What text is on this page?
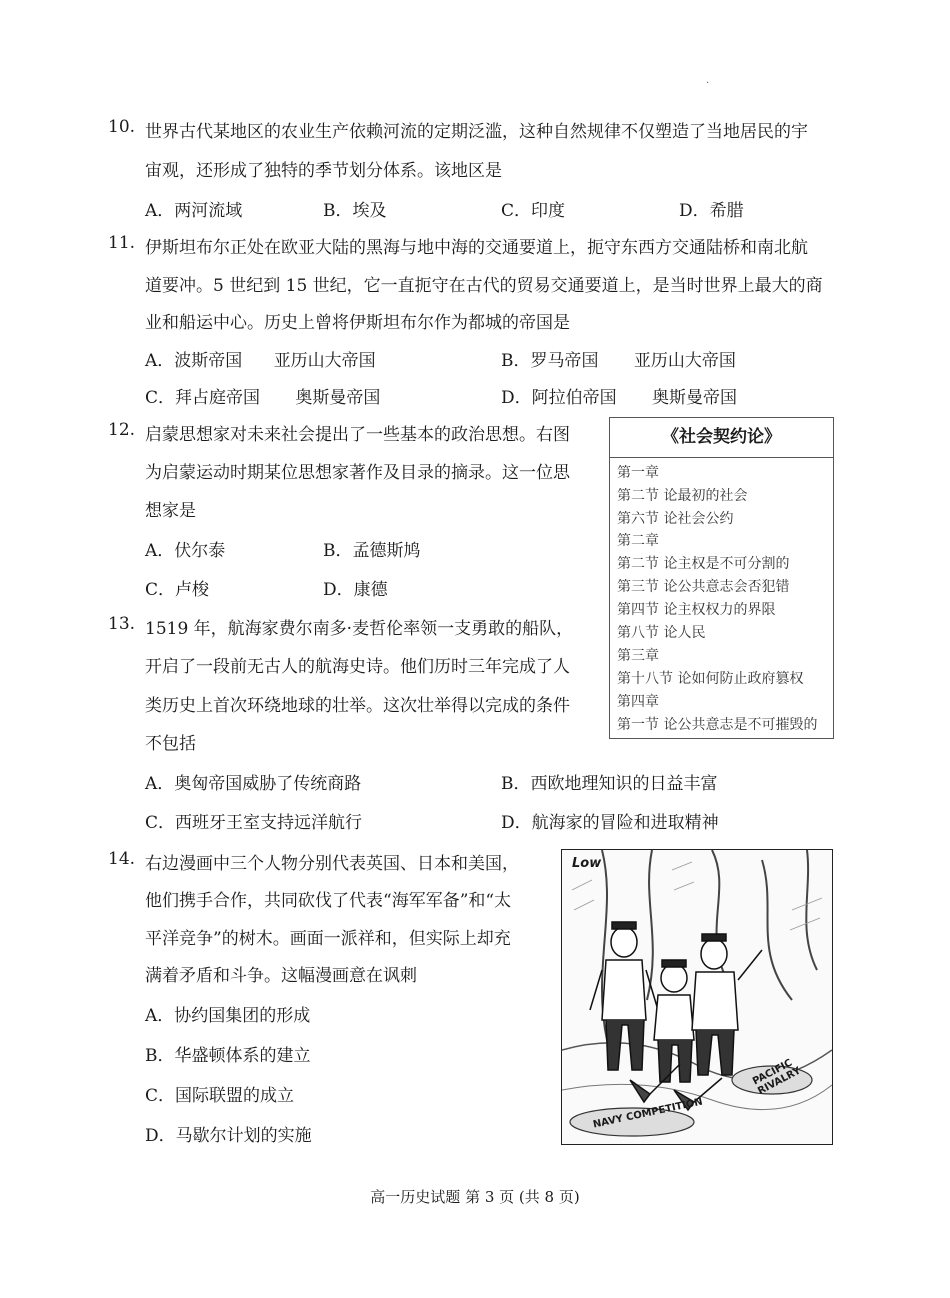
·
10. 世界古代某地区的农业生产依赖河流的定期泛滥，这种自然规律不仅塑造了当地居民的宇
宙观，还形成了独特的季节划分体系。该地区是
A．两河流域	B．埃及	C．印度	D．希腊
11. 伊斯坦布尔正处在欧亚大陆的黑海与地中海的交通要道上，扼守东西方交通陆桥和南北航
道要冲。5 世纪到 15 世纪，它一直扼守在古代的贸易交通要道上，是当时世界上最大的商
业和船运中心。历史上曾将伊斯坦布尔作为都城的帝国是
A．波斯帝国 亚历山大帝国	B．罗马帝国 亚历山大帝国
C．拜占庭帝国 奥斯曼帝国	D．阿拉伯帝国 奥斯曼帝国
12. 启蒙思想家对未来社会提出了一些基本的政治思想。右图
为启蒙运动时期某位思想家著作及目录的摘录。这一位思
想家是
A．伏尔泰	B．孟德斯鸠
C．卢梭	D．康德
《社会契约论》
第一章
第二节 论最初的社会
第六节 论社会公约
第二章
第二节 论主权是不可分割的
第三节 论公共意志会否犯错
第四节 论主权权力的界限
第八节 论人民
第三章
第十八节 论如何防止政府篡权
第四章
第一节 论公共意志是不可摧毁的
13. 1519 年，航海家费尔南多·麦哲伦率领一支勇敢的船队，
开启了一段前无古人的航海史诗。他们历时三年完成了人
类历史上首次环绕地球的壮举。这次壮举得以完成的条件
不包括
A．奥匈帝国威胁了传统商路	B．西欧地理知识的日益丰富
C．西班牙王室支持远洋航行	D．航海家的冒险和进取精神
14. 右边漫画中三个人物分别代表英国、日本和美国，
他们携手合作，共同砍伐了代表“海军军备”和“太
平洋竞争”的树木。画面一派祥和，但实际上却充
满着矛盾和斗争。这幅漫画意在讽刺
A．协约国集团的形成
B．华盛顿体系的建立
C．国际联盟的成立
D．马歇尔计划的实施
Low
PACIFIC RIVALRY
NAVY COMPETITION
高一历史试题 第 3 页 (共 8 页)
